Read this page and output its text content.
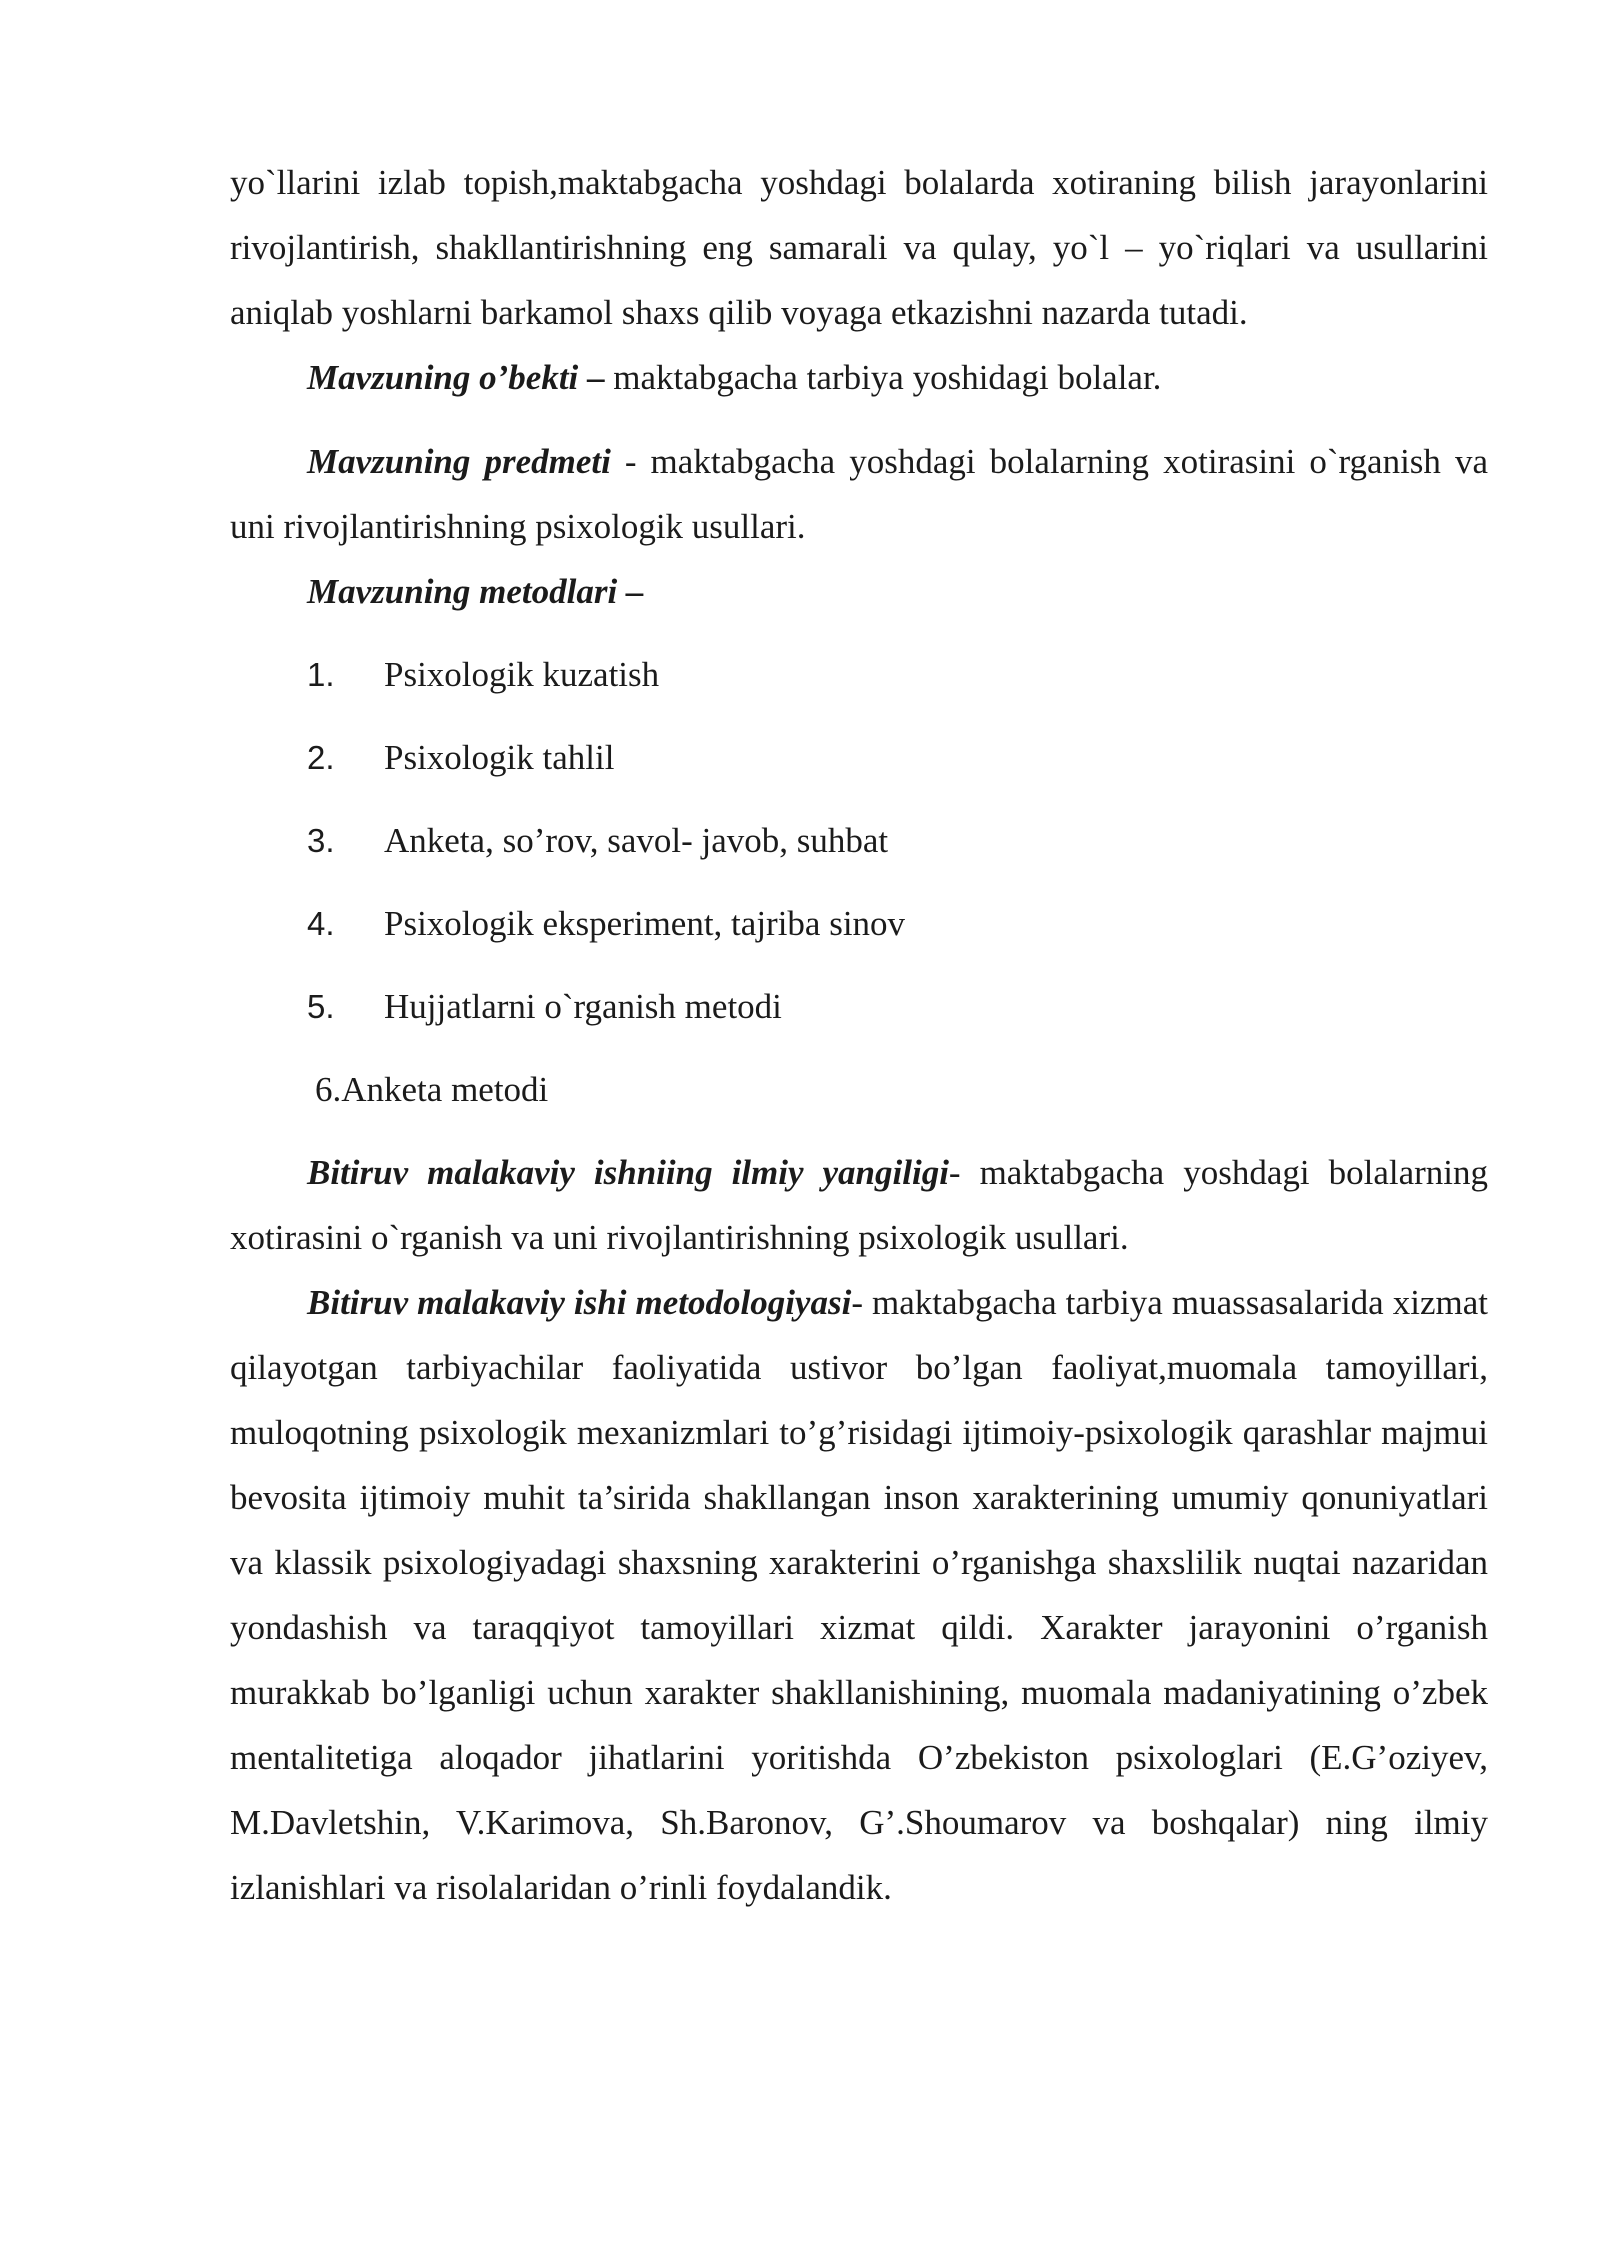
yo`llarini izlab topish,maktabgacha yoshdagi bolalarda xotiraning bilish jarayonlarini rivojlantirish, shakllantirishning eng samarali va qulay, yo`l – yo`riqlari va usullarini aniqlab yoshlarni barkamol shaxs qilib voyaga etkazishni nazarda tutadi.

Mavzuning o’bekti – maktabgacha tarbiya yoshidagi bolalar.

Mavzuning predmeti - maktabgacha yoshdagi bolalarning xotirasini o`rganish va uni rivojlantirishning psixologik usullari.

Mavzuning metodlari –

1.	Psixologik kuzatish
2.	Psixologik tahlil
3.	Anketa, so’rov, savol- javob, suhbat
4.	Psixologik eksperiment, tajriba sinov
5.	Hujjatlarni o`rganish metodi

6.Anketa metodi

Bitiruv malakaviy ishniing ilmiy yangiligi- maktabgacha yoshdagi bolalarning xotirasini o`rganish va uni rivojlantirishning psixologik usullari.

Bitiruv malakaviy ishi metodologiyasi- maktabgacha tarbiya muassasalarida xizmat qilayotgan tarbiyachilar faoliyatida ustivor bo’lgan faoliyat,muomala tamoyillari, muloqotning psixologik mexanizmlari to’g’risidagi ijtimoiy-psixologik qarashlar majmui bevosita ijtimoiy muhit ta’sirida shakllangan inson xarakterining umumiy qonuniyatlari va klassik psixologiyadagi shaxsning xarakterini o’rganishga shaxslilik nuqtai nazaridan yondashish va taraqqiyot tamoyillari xizmat qildi. Xarakter jarayonini o’rganish murakkab bo’lganligi uchun xarakter shakllanishining, muomala madaniyatining o’zbek mentalitetiga aloqador jihatlarini yoritishda O’zbekiston psixologlari (E.G’oziyev, M.Davletshin, V.Karimova, Sh.Baronov, G’.Shoumarov va boshqalar) ning ilmiy izlanishlari va risolalaridan o’rinli foydalandik.
